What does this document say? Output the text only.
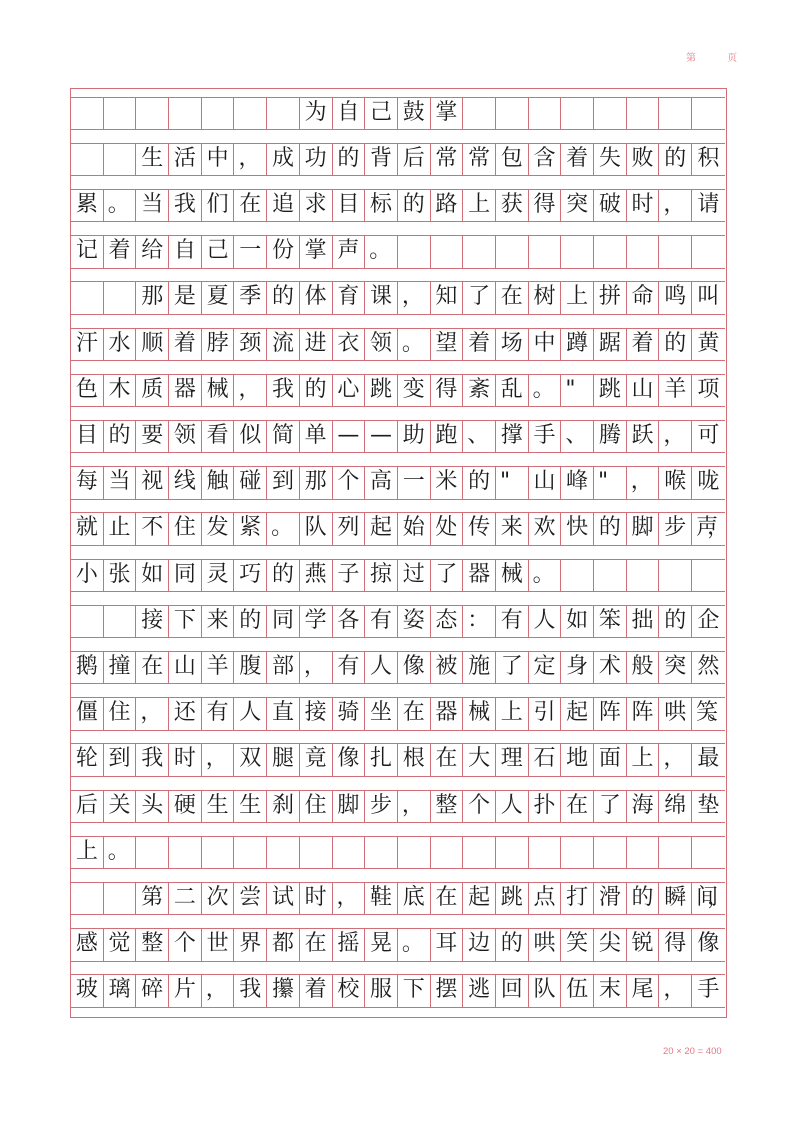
第 页
为 自 己 鼓 掌
生 活 中 ， 成 功 的 背 后 常 常 包 含 着 失 败 的 积
累 。 当 我 们 在 追 求 目 标 的 路 上 获 得 突 破 时 ， 请
记 着 给 自 己 一 份 掌 声 。
那 是 夏 季 的 体 育 课 ， 知 了 在 树 上 拼 命 鸣 叫
汗 水 顺 着 脖 颈 流 进 衣 领 。 望 着 场 中 蹲 踞 着 的 黄
色 木 质 器 械 ， 我 的 心 跳 变 得 紊 乱 。 "	跳 山 羊 项
目 的 要 领 看 似 简 单 — — 助 跑 、 撑 手 、 腾 跃 ， 可
每 当 视 线 触 碰 到 那 个 高 一 米 的 "	山 峰 "	， 喉 咙
就 止 不 住 发 紧 。 队 列 起 始 处 传 来 欢 快 的 脚 步 声，
小 张 如 同 灵 巧 的 燕 子 掠 过 了 器 械 。
接 下 来 的 同 学 各 有 姿 态 ： 有 人 如 笨 拙 的 企
鹅 撞 在 山 羊 腹 部 ， 有 人 像 被 施 了 定 身 术 般 突 然
僵 住 ， 还 有 人 直 接 骑 坐 在 器 械 上 引 起 阵 阵 哄 笑。
轮 到 我 时 ， 双 腿 竟 像 扎 根 在 大 理 石 地 面 上 ， 最
后 关 头 硬 生 生 刹 住 脚 步 ， 整 个 人 扑 在 了 海 绵 垫
上 。
第 二 次 尝 试 时 ， 鞋 底 在 起 跳 点 打 滑 的 瞬 间，
感 觉 整 个 世 界 都 在 摇 晃 。 耳 边 的 哄 笑 尖 锐 得 像
玻 璃 碎 片 ， 我 攥 着 校 服 下 摆 逃 回 队 伍 末 尾 ， 手
20 × 20 = 400
